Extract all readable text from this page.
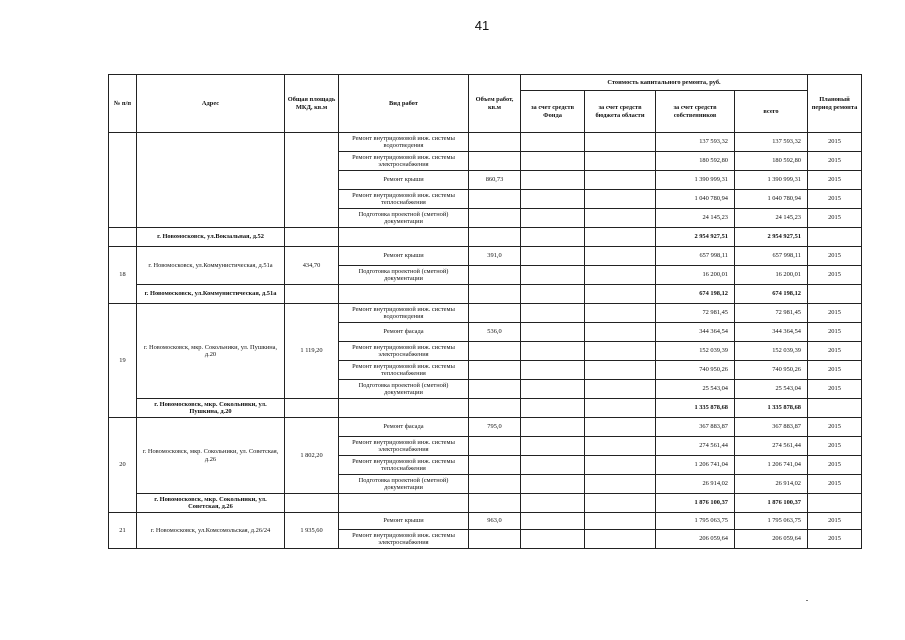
41
№ п/п	Адрес	Общая площадь МКД, кв.м	Вид работ	Объем работ, кв.м	Стоимость капитального ремонта, руб.				Плановый период ремонта
					за счет средств Фонда	за счет средств бюджета области	за счет средств собственников	всего	
			Ремонт внутридомовой инж. системы водоотведения				137 593,32	137 593,32	2015
			Ремонт внутридомовой инж. системы электроснабжения				180 592,80	180 592,80	2015
			Ремонт крыши	860,73			1 390 999,31	1 390 999,31	2015
			Ремонт внутридомовой инж. системы теплоснабжения				1 040 780,94	1 040 780,94	2015
			Подготовка проектной (сметной) документации				24 145,23	24 145,23	2015
	г. Новомосковск, ул.Вокзальная, д.52						2 954 927,51	2 954 927,51	
18	г. Новомосковск, ул.Коммунистическая, д.51а	434,70	Ремонт крыши	391,0			657 998,11	657 998,11	2015
			Подготовка проектной (сметной) документации				16 200,01	16 200,01	2015
	г. Новомосковск, ул.Коммунистическая, д.51а						674 198,12	674 198,12	
19	г. Новомосковск, мкр. Сокольники, ул. Пушкина, д.20	1 119,20	Ремонт внутридомовой инж. системы водоотведения				72 981,45	72 981,45	2015
			Ремонт фасада	536,0			344 364,54	344 364,54	2015
			Ремонт внутридомовой инж. системы электроснабжения				152 039,39	152 039,39	2015
			Ремонт внутридомовой инж. системы теплоснабжения				740 950,26	740 950,26	2015
			Подготовка проектной (сметной) документации				25 543,04	25 543,04	2015
	г. Новомосковск, мкр. Сокольники, ул. Пушкина, д.20						1 335 878,68	1 335 878,68	
20	г. Новомосковск, мкр. Сокольники, ул. Советская, д.26	1 802,20	Ремонт фасада	795,0			367 883,87	367 883,87	2015
			Ремонт внутридомовой инж. системы электроснабжения				274 561,44	274 561,44	2015
			Ремонт внутридомовой инж. системы теплоснабжения				1 206 741,04	1 206 741,04	2015
			Подготовка проектной (сметной) документации				26 914,02	26 914,02	2015
	г. Новомосковск, мкр. Сокольники, ул. Советская, д.26						1 876 100,37	1 876 100,37	
21	г. Новомосковск, ул.Комсомольская, д.26/24	1 935,60	Ремонт крыши	963,0			1 795 063,75	1 795 063,75	2015
			Ремонт внутридомовой инж. системы электроснабжения				206 059,64	206 059,64	2015
